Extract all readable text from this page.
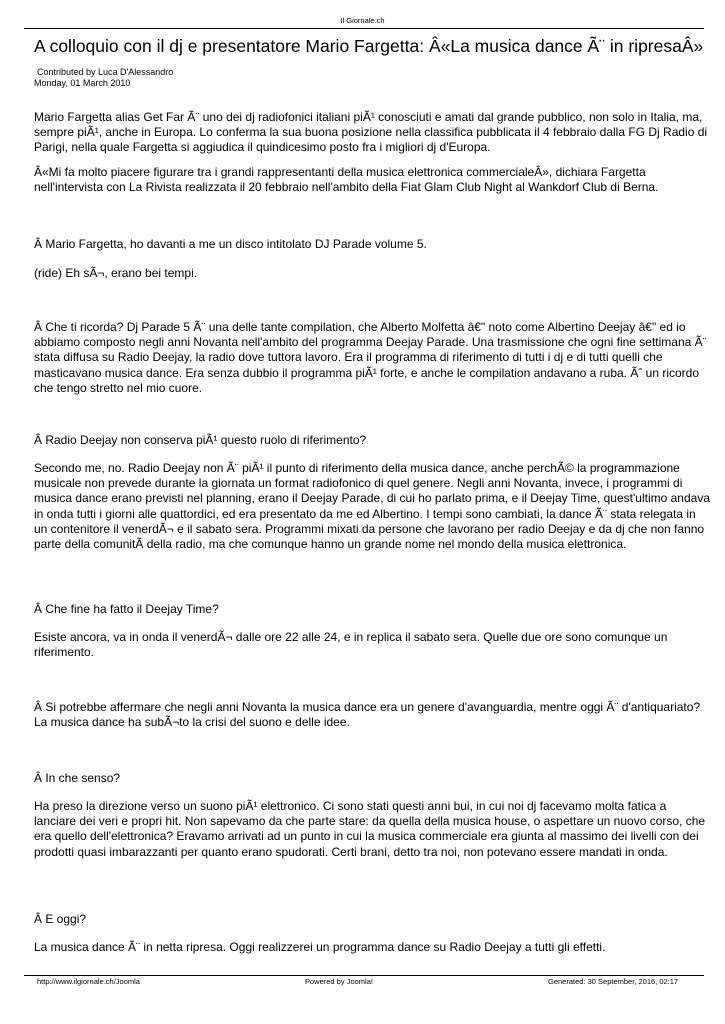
Il Giornale.ch
A colloquio con il dj e presentatore Mario Fargetta: Â«La musica dance Ã¨ in ripresaÂ»
Contributed by Luca D'Alessandro
Monday, 01 March 2010

Mario Fargetta alias Get Far Ã¨ uno dei dj radiofonici italiani piÃ¹ conosciuti e amati dal grande pubblico, non solo in Italia, ma, sempre piÃ¹, anche in Europa. Lo conferma la sua buona posizione nella classifica pubblicata il 4 febbraio dalla FG Dj Radio di Parigi, nella quale Fargetta si aggiudica il quindicesimo posto fra i migliori dj d'Europa.

Â«Mi fa molto piacere figurare tra i grandi rappresentanti della musica elettronica commercialeÂ», dichiara Fargetta nell'intervista con La Rivista realizzata il 20 febbraio nell'ambito della Fiat Glam Club Night al Wankdorf Club di Berna.

Â Mario Fargetta, ho davanti a me un disco intitolato DJ Parade volume 5.

(ride) Eh sÃ¬, erano bei tempi.

Â Che ti ricorda? Dj Parade 5 Ã¨ una delle tante compilation, che Alberto Molfetta â€" noto come Albertino Deejay â€" ed io abbiamo composto negli anni Novanta nell'ambito del programma Deejay Parade. Una trasmissione che ogni fine settimana Ã¨ stata diffusa su Radio Deejay, la radio dove tuttora lavoro. Era il programma di riferimento di tutti i dj e di tutti quelli che masticavano musica dance. Era senza dubbio il programma piÃ¹ forte, e anche le compilation andavano a ruba. Ãˆ un ricordo che tengo stretto nel mio cuore.

Â Radio Deejay non conserva piÃ¹ questo ruolo di riferimento?

Secondo me, no. Radio Deejay non Ã¨ piÃ¹ il punto di riferimento della musica dance, anche perchÃ© la programmazione musicale non prevede durante la giornata un format radiofonico di quel genere. Negli anni Novanta, invece, i programmi di musica dance erano previsti nel planning, erano il Deejay Parade, di cui ho parlato prima, e il Deejay Time, quest'ultimo andava in onda tutti i giorni alle quattordici, ed era presentato da me ed Albertino. I tempi sono cambiati, la dance Ã¨ stata relegata in un contenitore il venerdÃ¬ e il sabato sera. Programmi mixati da persone che lavorano per radio Deejay e da dj che non fanno parte della comunitÃ della radio, ma che comunque hanno un grande nome nel mondo della musica elettronica.

Â Che fine ha fatto il Deejay Time?

Esiste ancora, va in onda il venerdÃ¬ dalle ore 22 alle 24, e in replica il sabato sera. Quelle due ore sono comunque un riferimento.

Â Si potrebbe affermare che negli anni Novanta la musica dance era un genere d'avanguardia, mentre oggi Ã¨ d'antiquariato? La musica dance ha subÃ¬to la crisi del suono e delle idee.

Â In che senso?

Ha preso la direzione verso un suono piÃ¹ elettronico. Ci sono stati questi anni bui, in cui noi dj facevamo molta fatica a lanciare dei veri e propri hit. Non sapevamo da che parte stare: da quella della musica house, o aspettare un nuovo corso, che era quello dell'elettronica? Eravamo arrivati ad un punto in cui la musica commerciale era giunta al massimo dei livelli con dei prodotti quasi imbarazzanti per quanto erano spudorati. Certi brani, detto tra noi, non potevano essere mandati in onda.

Â E oggi?

La musica dance Ã¨ in netta ripresa. Oggi realizzerei un programma dance su Radio Deejay a tutti gli effetti.

http://www.ilgiornale.ch/Joomla	Powered by Joomla!	Generated: 30 September, 2016, 02:17
